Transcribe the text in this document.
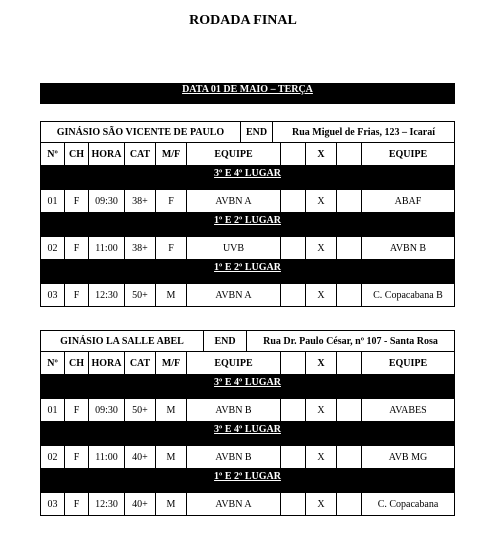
RODADA FINAL
DATA 01 DE MAIO – TERÇA
GINÁSIO SÃO VICENTE DE PAULO	END	Rua Miguel de Frias, 123 – Icaraí
Nº	CH HORA CAT	M/F	EQUIPE	X	EQUIPE
3º E 4º LUGAR
01	F	09:30	38+	F	AVBN A	X	ABAF
1º E 2º LUGAR
02	F	11:00	38+	F	UVB	X	AVBN B
1º E 2º LUGAR
03	F	12:30	50+	M	AVBN A	X	C. Copacabana B
GINÁSIO LA SALLE ABEL	END	Rua Dr. Paulo César, nº 107 - Santa Rosa
Nº	CH HORA CAT	M/F	EQUIPE	X	EQUIPE
3º E 4º LUGAR
01	F	09:30	50+	M	AVBN B	X	AVABES
3º E 4º LUGAR
02	F	11:00	40+	M	AVBN B	X	AVB MG
1º E 2º LUGAR
03	F	12:30	40+	M	AVBN A	X	C. Copacabana
